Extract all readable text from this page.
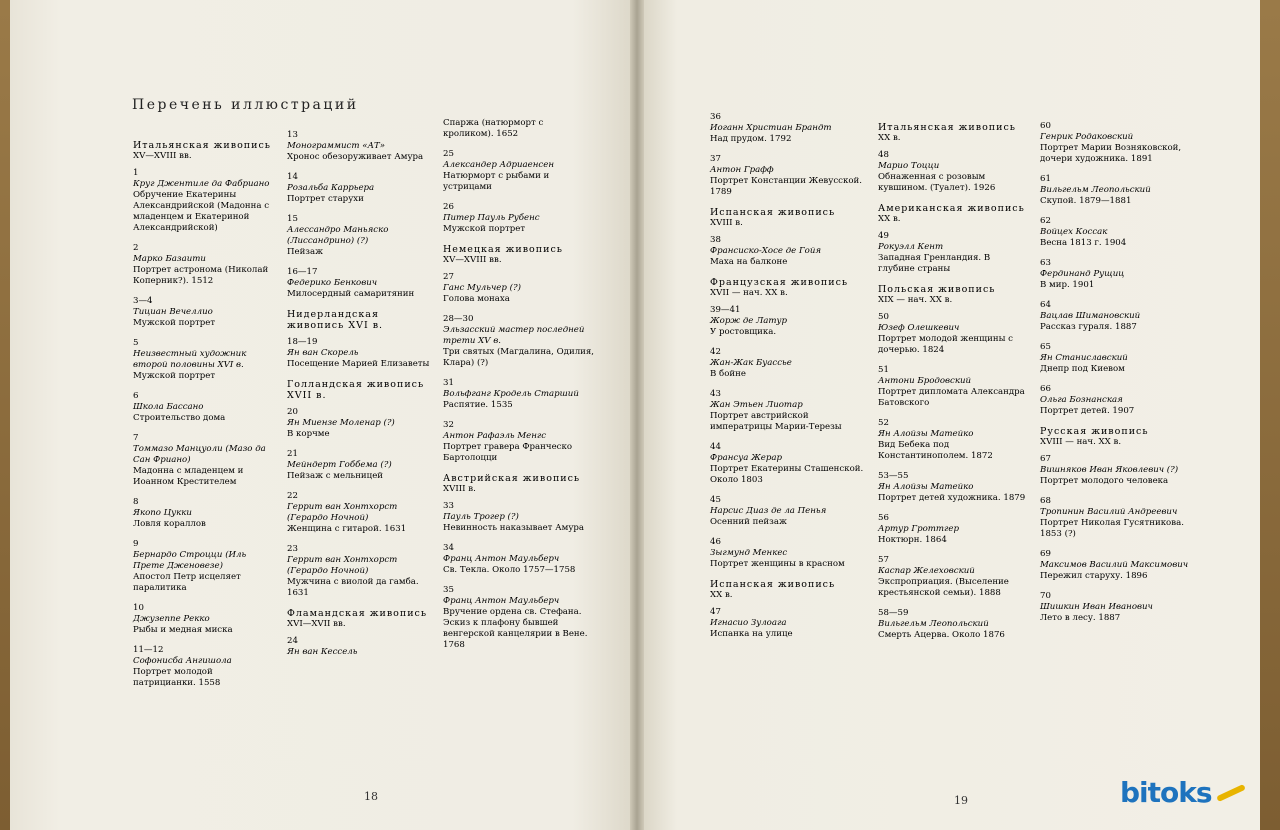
Перечень иллюстраций
Итальянская живопись
XV—XVIII вв.
1
Круг Джентиле да Фабриано
Обручение Екатерины Александрийской (Мадонна с младенцем и Екатериной Александрийской)
2
Марко Базаити
Портрет астронома (Николай Коперник?). 1512
3—4
Тициан Вечеллио
Мужской портрет
5
Неизвестный художник второй половины XVI в.
Мужской портрет
6
Школа Бассано
Строительство дома
7
Томмазо Манцуоли (Мазо да Сан Фриано)
Мадонна с младенцем и Иоанном Крестителем
8
Якопо Цукки
Ловля кораллов
9
Бернардо Строцци (Иль Прете Дженовезе)
Апостол Петр исцеляет паралитика
10
Джузеппе Рекко
Рыбы и медная миска
11—12
Софонисба Ангишола
Портрет молодой патрицианки. 1558
13
Монограммист «АТ»
Хронос обезоруживает Амура
14
Розальба Каррьера
Портрет старухи
15
Алессандро Маньяско (Лиссандрино) (?)
Пейзаж
16—17
Федерико Бенкович
Милосердный самаритянин
Нидерландская живопись XVI в.
18—19
Ян ван Скорель
Посещение Марией Елизаветы
Голландская живопись XVII в.
20
Ян Миензе Моленар (?)
В корчме
21
Мейндерт Гоббема (?)
Пейзаж с мельницей
22
Геррит ван Хонтхорст (Герардо Ночной)
Женщина с гитарой. 1631
23
Геррит ван Хонтхорст (Герардо Ночной)
Мужчина с виолой да гамба. 1631
Фламандская живопись
XVI—XVII вв.
24
Ян ван Кессель
Спаржа (натюрморт с кроликом). 1652
25
Александер Адриаенсен
Натюрморт с рыбами и устрицами
26
Питер Пауль Рубенс
Мужской портрет
Немецкая живопись
XV—XVIII вв.
27
Ганс Мульчер (?)
Голова монаха
28—30
Эльзасский мастер последней трети XV в.
Три святых (Магдалина, Одилия, Клара) (?)
31
Вольфганг Кродель Старший
Распятие. 1535
32
Антон Рафаэль Менгс
Портрет гравера Франческо Бартолоцци
Австрийская живопись
XVIII в.
33
Пауль Трогер (?)
Невинность наказывает Амура
34
Франц Антон Маульберч
Св. Текла. Около 1757—1758
35
Франц Антон Маульберч
Вручение ордена св. Стефана. Эскиз к плафону бывшей венгерской канцелярии в Вене. 1768
36
Иоганн Христиан Брандт
Над прудом. 1792
37
Антон Графф
Портрет Констанции Жевусской. 1789
Испанская живопись
XVIII в.
38
Франсиско-Хосе де Гойя
Маха на балконе
Французская живопись
XVII — нач. XX в.
39—41
Жорж де Латур
У ростовщика.
42
Жан-Жак Буассье
В бойне
43
Жан Этьен Лиотар
Портрет австрийской императрицы Марии-Терезы
44
Франсуа Жерар
Портрет Екатерины Сташенской. Около 1803
45
Нарсис Диаз де ла Пенья
Осенний пейзаж
46
Зыгмунд Менкес
Портрет женщины в красном
Испанская живопись
XX в.
47
Игнасио Зулоага
Испанка на улице
Итальянская живопись
XX в.
48
Марио Тоцци
Обнаженная с розовым кувшином. (Туалет). 1926
Американская живопись
XX в.
49
Рокуэлл Кент
Западная Гренландия. В глубине страны
Польская живопись
XIX — нач. XX в.
50
Юзеф Олешкевич
Портрет молодой женщины с дочерью. 1824
51
Антони Бродовский
Портрет дипломата Александра Батовского
52
Ян Алойзы Матейко
Вид Бебека под Константинополем. 1872
53—55
Ян Алойзы Матейко
Портрет детей художника. 1879
56
Артур Гроттгер
Ноктюрн. 1864
57
Каспар Желеховский
Экспроприация. (Выселение крестьянской семьи). 1888
58—59
Вильгельм Леопольский
Смерть Ацерва. Около 1876
60
Генрик Родаковский
Портрет Марии Возняковской, дочери художника. 1891
61
Вильгельм Леопольский
Скупой. 1879—1881
62
Войцех Коссак
Весна 1813 г. 1904
63
Фердинанд Рущиц
В мир. 1901
64
Вацлав Шимановский
Рассказ гураля. 1887
65
Ян Станиславский
Днепр под Киевом
66
Ольга Бознанская
Портрет детей. 1907
Русская живопись
XVIII — нач. XX в.
67
Вишняков Иван Яковлевич (?)
Портрет молодого человека
68
Тропинин Василий Андреевич
Портрет Николая Гусятникова. 1853 (?)
69
Максимов Василий Максимович
Пережил старуху. 1896
70
Шишкин Иван Иванович
Лето в лесу. 1887
18	19	bitoks
